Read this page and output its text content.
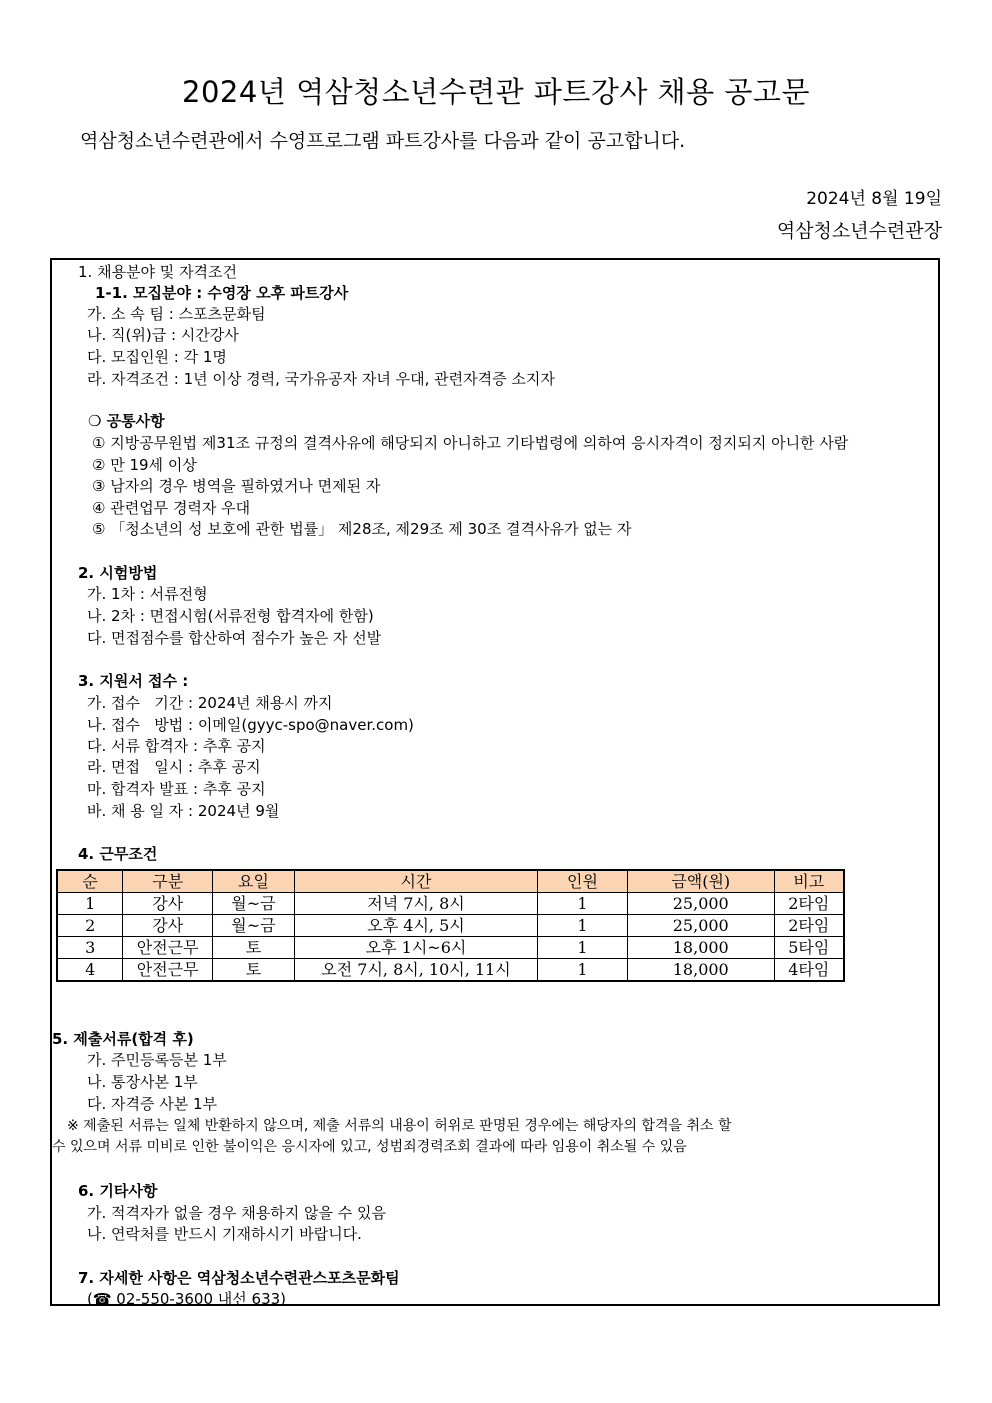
2024년 역삼청소년수련관 파트강사 채용 공고문
역삼청소년수련관에서 수영프로그램 파트강사를 다음과 같이 공고합니다.
2024년 8월 19일
역삼청소년수련관장
1. 채용분야 및 자격조건
1-1. 모집분야 : 수영장 오후 파트강사
가. 소 속 팀 : 스포츠문화팀
나. 직(위)급 : 시간강사
다. 모집인원 : 각 1명
라. 자격조건 : 1년 이상 경력, 국가유공자 자녀 우대, 관련자격증 소지자
❍ 공통사항
① 지방공무원법 제31조 규정의 결격사유에 해당되지 아니하고 기타법령에 의하여 응시자격이 정지되지 아니한 사람
② 만 19세 이상
③ 남자의 경우 병역을 필하였거나 면제된 자
④ 관련업무 경력자 우대
⑤ 「청소년의 성 보호에 관한 법률」 제28조, 제29조 제 30조 결격사유가 없는 자
2. 시험방법
가. 1차 : 서류전형
나. 2차 : 면접시험(서류전형 합격자에 한함)
다. 면접점수를 합산하여 점수가 높은 자 선발
3. 지원서 접수 :
가. 접수   기간 : 2024년 채용시 까지
나. 접수   방법 : 이메일(gyyc-spo@naver.com)
다. 서류 합격자 : 추후 공지
라. 면접   일시 : 추후 공지
마. 합격자 발표 : 추후 공지
바. 채 용 일 자 : 2024년 9월
4. 근무조건
순	구분	요일	시간	인원	금액(원)	비고
1	강사	월~금	저녁 7시, 8시	1	25,000	2타임
2	강사	월~금	오후 4시, 5시	1	25,000	2타임
3	안전근무	토	오후 1시~6시	1	18,000	5타임
4	안전근무	토	오전 7시, 8시, 10시, 11시	1	18,000	4타임
5. 제출서류(합격 후)
가. 주민등록등본 1부
나. 통장사본 1부
다. 자격증 사본 1부
※ 제출된 서류는 일체 반환하지 않으며, 제출 서류의 내용이 허위로 판명된 경우에는 해당자의 합격을 취소 할
수 있으며 서류 미비로 인한 불이익은 응시자에 있고, 성범죄경력조회 결과에 따라 임용이 취소될 수 있음
6. 기타사항
가. 적격자가 없을 경우 채용하지 않을 수 있음
나. 연락처를 반드시 기재하시기 바랍니다.
7. 자세한 사항은 역삼청소년수련관스포츠문화팀
(☎ 02-550-3600 내선 633)
